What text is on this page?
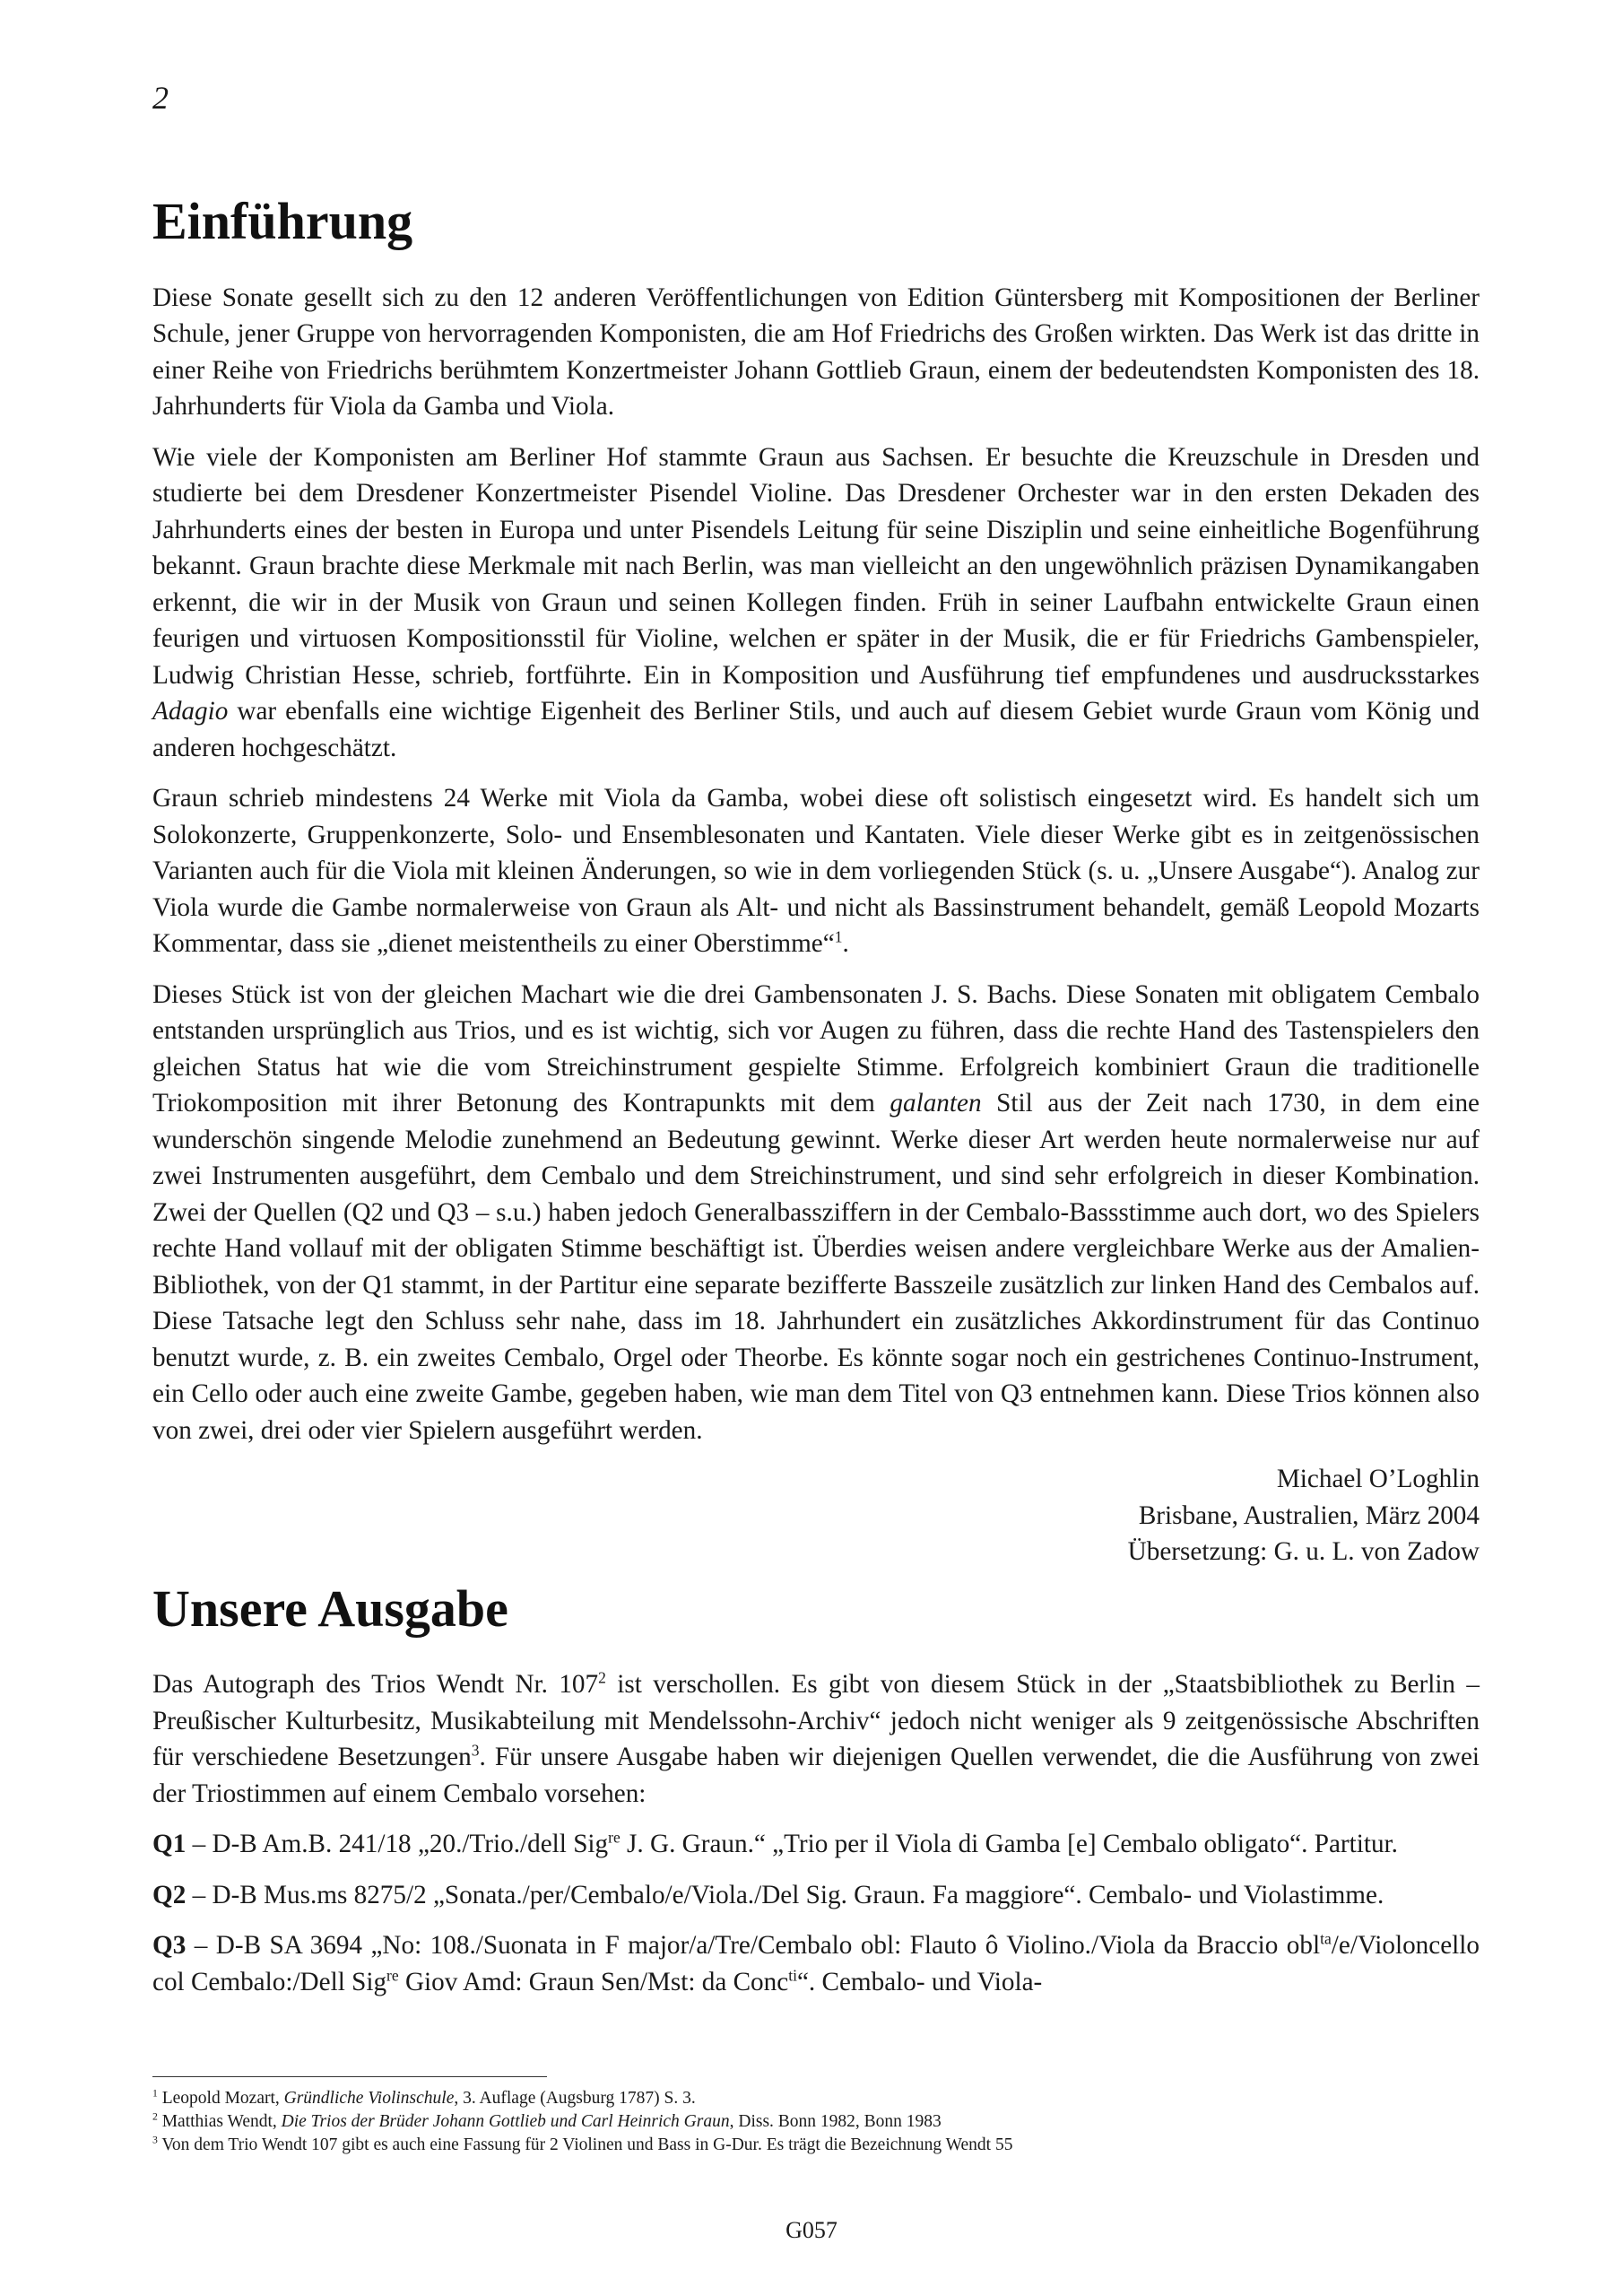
2
Einführung

Diese Sonate gesellt sich zu den 12 anderen Veröffentlichungen von Edition Güntersberg mit Kompositionen der Berliner Schule, jener Gruppe von hervorragenden Komponisten, die am Hof Friedrichs des Großen wirkten. Das Werk ist das dritte in einer Reihe von Friedrichs berühmtem Konzertmeister Johann Gottlieb Graun, einem der bedeutendsten Komponisten des 18. Jahrhunderts für Viola da Gamba und Viola.

Wie viele der Komponisten am Berliner Hof stammte Graun aus Sachsen. Er besuchte die Kreuzschule in Dresden und studierte bei dem Dresdener Konzertmeister Pisendel Violine. Das Dresdener Orchester war in den ersten Dekaden des Jahrhunderts eines der besten in Europa und unter Pisendels Leitung für seine Disziplin und seine einheitliche Bogenführung bekannt. Graun brachte diese Merkmale mit nach Berlin, was man vielleicht an den ungewöhnlich präzisen Dynamikangaben erkennt, die wir in der Musik von Graun und seinen Kollegen finden. Früh in seiner Laufbahn entwickelte Graun einen feurigen und virtuosen Kompositionsstil für Violine, welchen er später in der Musik, die er für Friedrichs Gambenspieler, Ludwig Christian Hesse, schrieb, fortführte. Ein in Komposition und Ausführung tief empfundenes und ausdrucksstarkes Adagio war ebenfalls eine wichtige Eigenheit des Berliner Stils, und auch auf diesem Gebiet wurde Graun vom König und anderen hochgeschätzt.

Graun schrieb mindestens 24 Werke mit Viola da Gamba, wobei diese oft solistisch eingesetzt wird. Es handelt sich um Solokonzerte, Gruppenkonzerte, Solo- und Ensemblesonaten und Kantaten. Viele dieser Werke gibt es in zeitgenössischen Varianten auch für die Viola mit kleinen Änderungen, so wie in dem vorliegenden Stück (s. u. „Unsere Ausgabe“). Analog zur Viola wurde die Gambe normalerweise von Graun als Alt- und nicht als Bassinstrument behandelt, gemäß Leopold Mozarts Kommentar, dass sie „dienet meistentheils zu einer Oberstimme“$^1$.

Dieses Stück ist von der gleichen Machart wie die drei Gambensonaten J. S. Bachs. Diese Sonaten mit obligatem Cembalo entstanden ursprünglich aus Trios, und es ist wichtig, sich vor Augen zu führen, dass die rechte Hand des Tastenspielers den gleichen Status hat wie die vom Streichinstrument gespielte Stimme. Erfolgreich kombiniert Graun die traditionelle Triokomposition mit ihrer Betonung des Kontrapunkts mit dem galanten Stil aus der Zeit nach 1730, in dem eine wunderschön singende Melodie zunehmend an Bedeutung gewinnt. Werke dieser Art werden heute normalerweise nur auf zwei Instrumenten ausgeführt, dem Cembalo und dem Streichinstrument, und sind sehr erfolgreich in dieser Kombination. Zwei der Quellen (Q2 und Q3 – s.u.) haben jedoch Generalbassziffern in der Cembalo-Bassstimme auch dort, wo des Spielers rechte Hand vollauf mit der obligaten Stimme beschäftigt ist. Überdies weisen andere vergleichbare Werke aus der Amalien-Bibliothek, von der Q1 stammt, in der Partitur eine separate bezifferte Basszeile zusätzlich zur linken Hand des Cembalos auf. Diese Tatsache legt den Schluss sehr nahe, dass im 18. Jahrhundert ein zusätzliches Akkordinstrument für das Continuo benutzt wurde, z. B. ein zweites Cembalo, Orgel oder Theorbe. Es könnte sogar noch ein gestrichenes Continuo-Instrument, ein Cello oder auch eine zweite Gambe, gegeben haben, wie man dem Titel von Q3 entnehmen kann. Diese Trios können also von zwei, drei oder vier Spielern ausgeführt werden.

Michael O’Loghlin
Brisbane, Australien, März 2004
Übersetzung: G. u. L. von Zadow
Unsere Ausgabe

Das Autograph des Trios Wendt Nr. $107^2$ ist verschollen. Es gibt von diesem Stück in der „Staatsbibliothek zu Berlin – Preußischer Kulturbesitz, Musikabteilung mit Mendelssohn-Archiv“ jedoch nicht weniger als 9 zeitgenössische Abschriften für verschiedene Besetzungen$^3$. Für unsere Ausgabe haben wir diejenigen Quellen verwendet, die die Ausführung von zwei der Triostimmen auf einem Cembalo vorsehen:

Q1 – D-B Am.B. 241/18 „20./Trio./dell Sig$^{re}$ J. G. Graun.“ „Trio per il Viola di Gamba [e] Cembalo obligato“. Partitur.

Q2 – D-B Mus.ms 8275/2 „Sonata./per/Cembalo/e/Viola./Del Sig. Graun. Fa maggiore“. Cembalo- und Violastimme.

Q3 – D-B SA 3694 „No: 108./Suonata in F major/a/Tre/Cembalo obl: Flauto ô Violino./Viola da Braccio obl$^{ta}$/e/Violoncello col Cembalo:/Dell Sig$^{re}$ Giov Amd: Graun Sen/Mst: da Conc$^{ti}$“. Cembalo- und Viola-

$^1$ Leopold Mozart, Gründliche Violinschule, 3. Auflage (Augsburg 1787) S. 3.
$^2$ Matthias Wendt, Die Trios der Brüder Johann Gottlieb und Carl Heinrich Graun, Diss. Bonn 1982, Bonn 1983
$^3$ Von dem Trio Wendt 107 gibt es auch eine Fassung für 2 Violinen und Bass in G-Dur. Es trägt die Bezeichnung Wendt 55
G057
